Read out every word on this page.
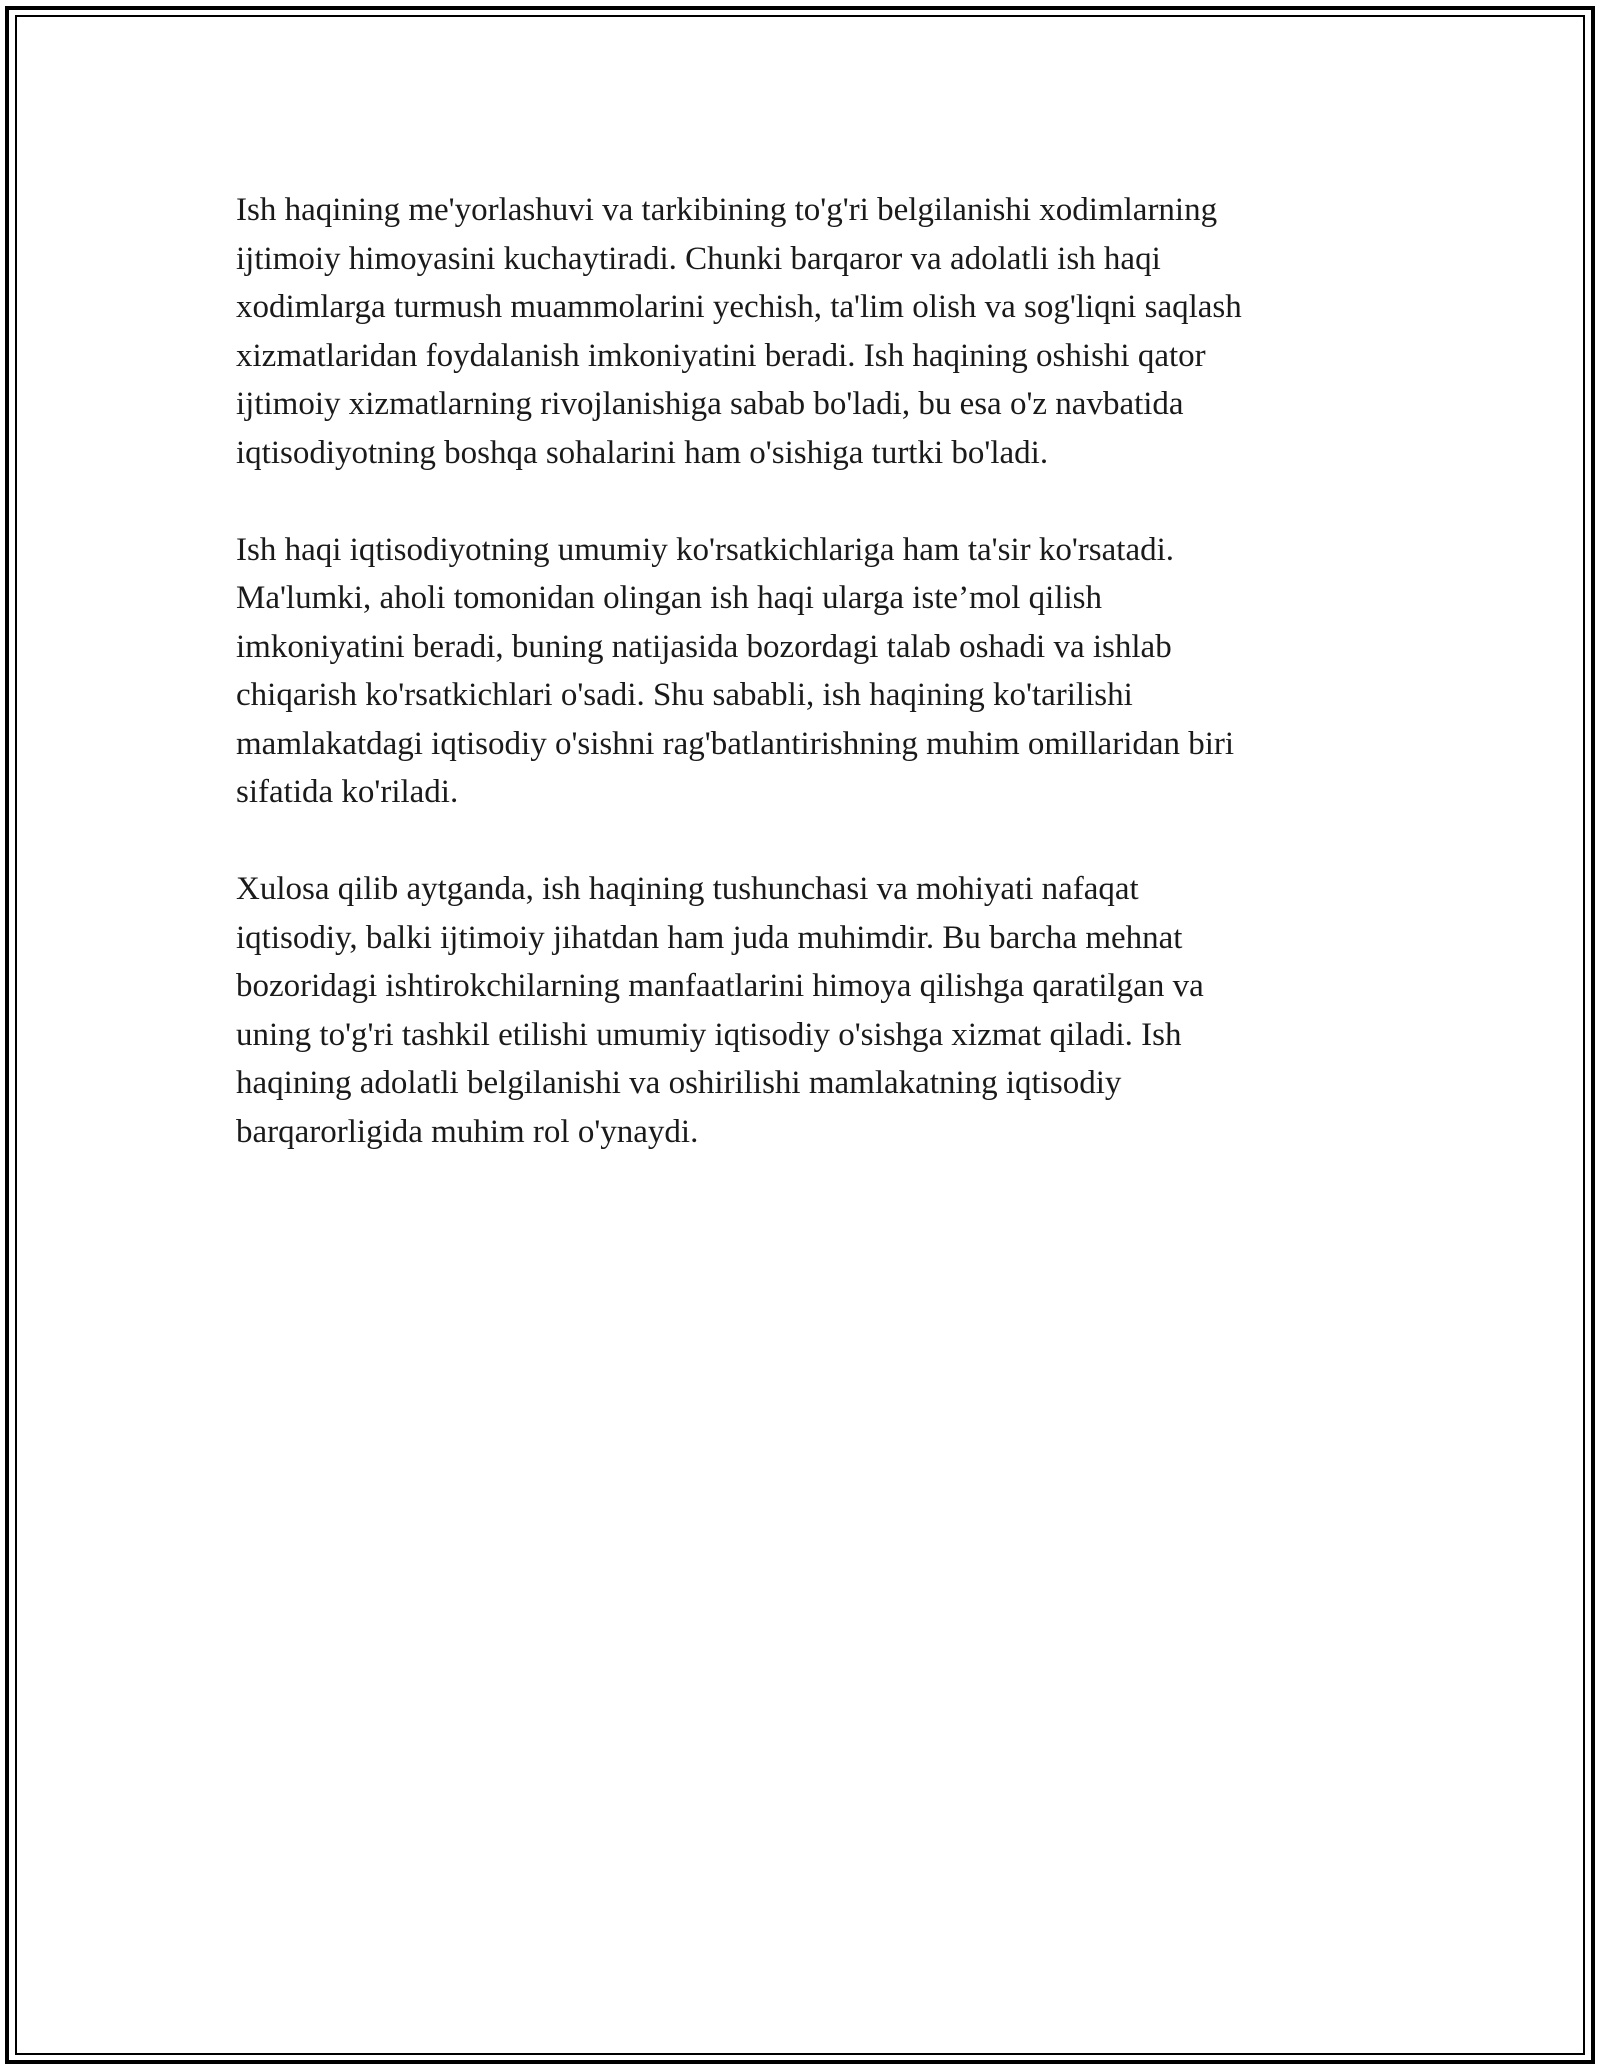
Ish haqining me'yorlashuvi va tarkibining to'g'ri belgilanishi xodimlarning
ijtimoiy himoyasini kuchaytiradi. Chunki barqaror va adolatli ish haqi
xodimlarga turmush muammolarini yechish, ta'lim olish va sog'liqni saqlash
xizmatlaridan foydalanish imkoniyatini beradi. Ish haqining oshishi qator
ijtimoiy xizmatlarning rivojlanishiga sabab bo'ladi, bu esa o'z navbatida
iqtisodiyotning boshqa sohalarini ham o'sishiga turtki bo'ladi.

Ish haqi iqtisodiyotning umumiy ko'rsatkichlariga ham ta'sir ko'rsatadi.
Ma'lumki, aholi tomonidan olingan ish haqi ularga iste’mol qilish
imkoniyatini beradi, buning natijasida bozordagi talab oshadi va ishlab
chiqarish ko'rsatkichlari o'sadi. Shu sababli, ish haqining ko'tarilishi
mamlakatdagi iqtisodiy o'sishni rag'batlantirishning muhim omillaridan biri
sifatida ko'riladi.

Xulosa qilib aytganda, ish haqining tushunchasi va mohiyati nafaqat
iqtisodiy, balki ijtimoiy jihatdan ham juda muhimdir. Bu barcha mehnat
bozoridagi ishtirokchilarning manfaatlarini himoya qilishga qaratilgan va
uning to'g'ri tashkil etilishi umumiy iqtisodiy o'sishga xizmat qiladi. Ish
haqining adolatli belgilanishi va oshirilishi mamlakatning iqtisodiy
barqarorligida muhim rol o'ynaydi.
